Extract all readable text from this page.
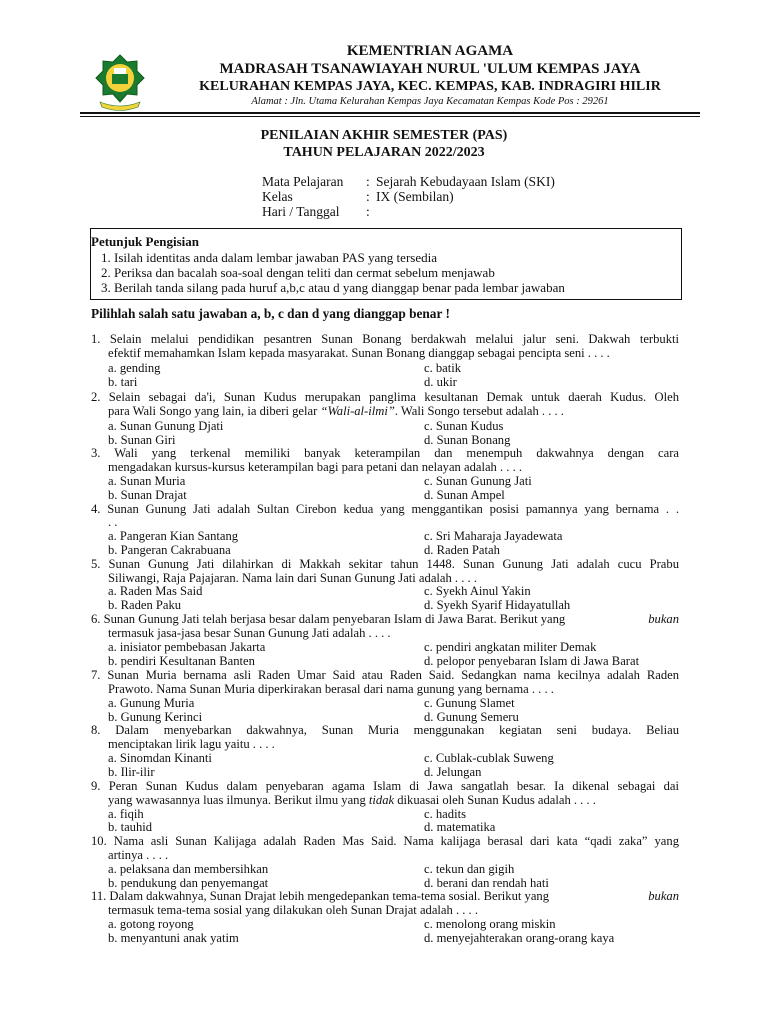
KEMENTRIAN AGAMA
MADRASAH TSANAWIAYAH NURUL 'ULUM KEMPAS JAYA
KELURAHAN KEMPAS JAYA, KEC. KEMPAS, KAB. INDRAGIRI HILIR
Alamat : Jln. Utama Kelurahan Kempas Jaya Kecamatan Kempas Kode Pos : 29261
PENILAIAN AKHIR SEMESTER (PAS)
TAHUN PELAJARAN 2022/2023
Mata Pelajaran : Sejarah Kebudayaan Islam (SKI)
Kelas	: IX (Sembilan)
Hari / Tanggal :
Petunjuk Pengisian
1. Isilah identitas anda dalam lembar jawaban PAS yang tersedia
2. Periksa dan bacalah soa-soal dengan teliti dan cermat sebelum menjawab
3. Berilah tanda silang pada huruf a,b,c atau d yang dianggap benar pada lembar jawaban
Pilihlah salah satu jawaban a, b, c dan d yang dianggap benar !
1. Selain melalui pendidikan pesantren Sunan Bonang berdakwah melalui jalur seni. Dakwah terbukti
efektif memahamkan Islam kepada masyarakat. Sunan Bonang dianggap sebagai pencipta seni . . . .
a. gending	c. batik
b. tari	d. ukir
2. Selain sebagai da'i, Sunan Kudus merupakan panglima kesultanan Demak untuk daerah Kudus. Oleh
para Wali Songo yang lain, ia diberi gelar “Wali-al-ilmi”. Wali Songo tersebut adalah . . . .
a. Sunan Gunung Djati	c. Sunan Kudus
b. Sunan Giri	d. Sunan Bonang
3. Wali yang terkenal memiliki banyak keterampilan dan menempuh dakwahnya dengan cara
mengadakan kursus-kursus keterampilan bagi para petani dan nelayan adalah . . . .
a. Sunan Muria	c. Sunan Gunung Jati
b. Sunan Drajat	d. Sunan Ampel
4. Sunan Gunung Jati adalah Sultan Cirebon kedua yang menggantikan posisi pamannya yang bernama . .
. .
a. Pangeran Kian Santang	c. Sri Maharaja Jayadewata
b. Pangeran Cakrabuana	d. Raden Patah
5. Sunan Gunung Jati dilahirkan di Makkah sekitar tahun 1448. Sunan Gunung Jati adalah cucu Prabu
Siliwangi, Raja Pajajaran. Nama lain dari Sunan Gunung Jati adalah . . . .
a. Raden Mas Said	c. Syekh Ainul Yakin
b. Raden Paku	d. Syekh Syarif Hidayatullah
6. Sunan Gunung Jati telah berjasa besar dalam penyebaran Islam di Jawa Barat. Berikut yang	bukan
termasuk jasa-jasa besar Sunan Gunung Jati adalah . . . .
a. inisiator pembebasan Jakarta	c. pendiri angkatan militer Demak
b. pendiri Kesultanan Banten	d. pelopor penyebaran Islam di Jawa Barat
7. Sunan Muria bernama asli Raden Umar Said atau Raden Said. Sedangkan nama kecilnya adalah Raden
Prawoto. Nama Sunan Muria diperkirakan berasal dari nama gunung yang bernama . . . .
a. Gunung Muria	c. Gunung Slamet
b. Gunung Kerinci	d. Gunung Semeru
8. Dalam menyebarkan dakwahnya, Sunan Muria menggunakan kegiatan seni budaya. Beliau
menciptakan lirik lagu yaitu . . . .
a. Sinomdan Kinanti	c. Cublak-cublak Suweng
b. Ilir-ilir	d. Jelungan
9. Peran Sunan Kudus dalam penyebaran agama Islam di Jawa sangatlah besar. Ia dikenal sebagai dai
yang wawasannya luas ilmunya. Berikut ilmu yang tidak dikuasai oleh Sunan Kudus adalah . . . .
a. fiqih	c. hadits
b. tauhid	d. matematika
10. Nama asli Sunan Kalijaga adalah Raden Mas Said. Nama kalijaga berasal dari kata “qadi zaka” yang
artinya . . . .
a. pelaksana dan membersihkan	c. tekun dan gigih
b. pendukung dan penyemangat	d. berani dan rendah hati
11. Dalam dakwahnya, Sunan Drajat lebih mengedepankan tema-tema sosial. Berikut yang	bukan
termasuk tema-tema sosial yang dilakukan oleh Sunan Drajat adalah . . . .
a. gotong royong	c. menolong orang miskin
b. menyantuni anak yatim	d. menyejahterakan orang-orang kaya
